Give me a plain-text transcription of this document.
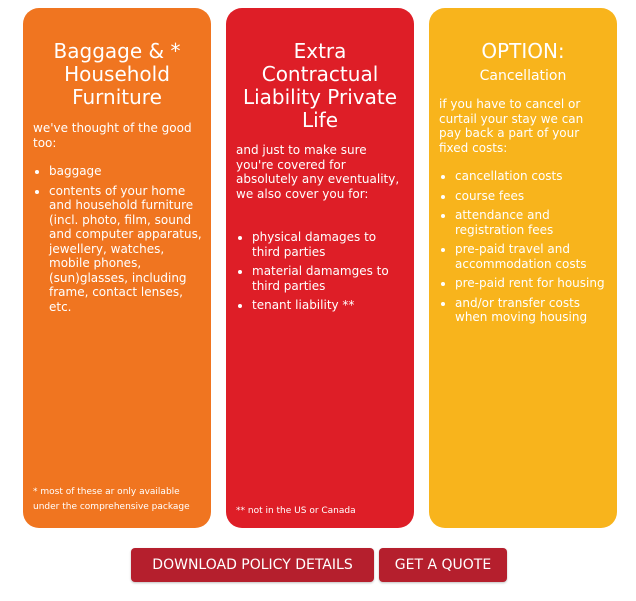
Baggage & *
Household
Furniture

we've thought of the good too:

• baggage
• contents of your home and household furniture (incl. photo, film, sound and computer apparatus, jewellery, watches, mobile phones, (sun)glasses, including frame, contact lenses, etc.

* most of these ar only available under the comprehensive package

Extra
Contractual
Liability Private
Life

and just to make sure you're covered for absolutely any eventuality, we also cover you for:

• physical damages to third parties
• material damamges to third parties
• tenant liability **

** not in the US or Canada

OPTION:
Cancellation

if you have to cancel or curtail your stay we can pay back a part of your fixed costs:

• cancellation costs
• course fees
• attendance and registration fees
• pre-paid travel and accommodation costs
• pre-paid rent for housing
• and/or transfer costs when moving housing
DOWNLOAD POLICY DETAILS	GET A QUOTE
